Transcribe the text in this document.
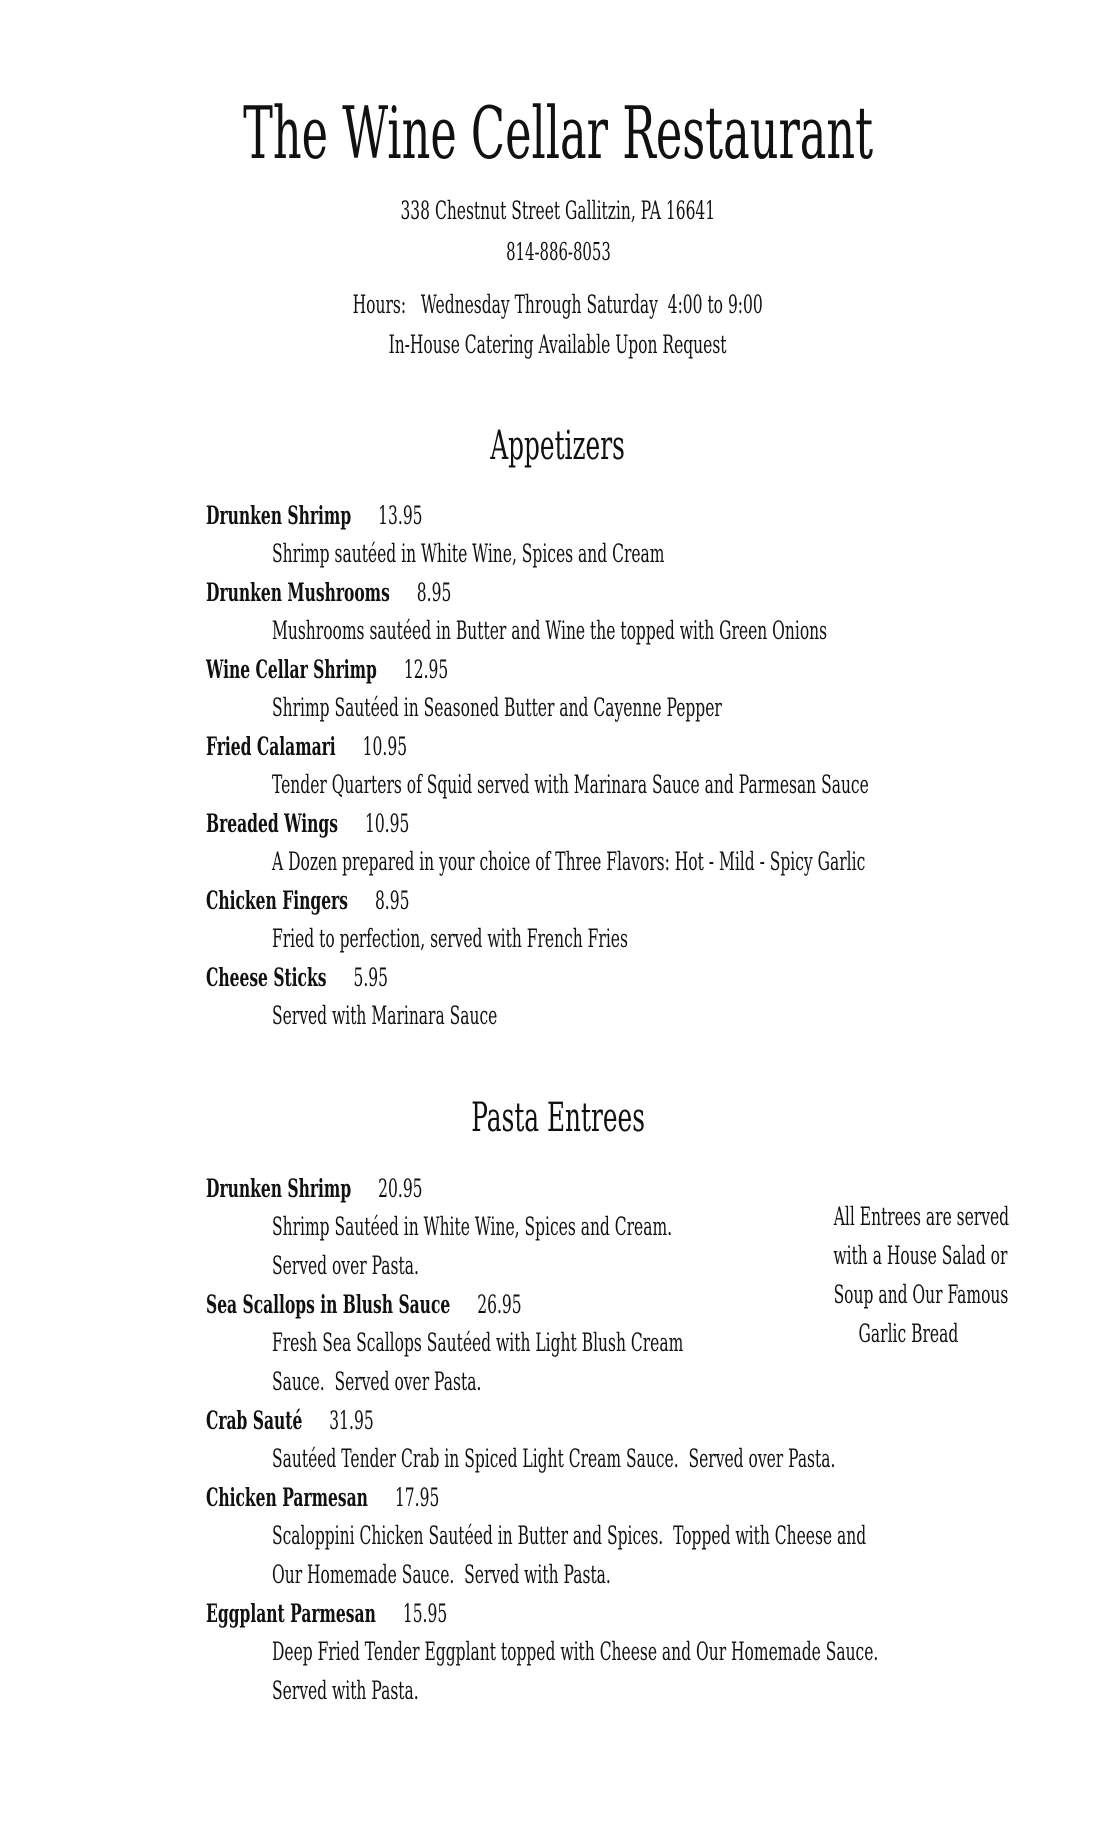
The Wine Cellar Restaurant
338 Chestnut Street Gallitzin, PA 16641
814-886-8053
Hours:   Wednesday Through Saturday  4:00 to 9:00
In-House Catering Available Upon Request
Appetizers
Drunken Shrimp 13.95
Shrimp sautéed in White Wine, Spices and Cream
Drunken Mushrooms 8.95
Mushrooms sautéed in Butter and Wine the topped with Green Onions
Wine Cellar Shrimp 12.95
Shrimp Sautéed in Seasoned Butter and Cayenne Pepper
Fried Calamari 10.95
Tender Quarters of Squid served with Marinara Sauce and Parmesan Sauce
Breaded Wings 10.95
A Dozen prepared in your choice of Three Flavors: Hot - Mild - Spicy Garlic
Chicken Fingers 8.95
Fried to perfection, served with French Fries
Cheese Sticks 5.95
Served with Marinara Sauce
Pasta Entrees
Drunken Shrimp 20.95
Shrimp Sautéed in White Wine, Spices and Cream.
Served over Pasta.
Sea Scallops in Blush Sauce 26.95
Fresh Sea Scallops Sautéed with Light Blush Cream
Sauce.  Served over Pasta.
Crab Sauté 31.95
Sautéed Tender Crab in Spiced Light Cream Sauce.  Served over Pasta.
Chicken Parmesan 17.95
Scaloppini Chicken Sautéed in Butter and Spices.  Topped with Cheese and
Our Homemade Sauce.  Served with Pasta.
Eggplant Parmesan 15.95
Deep Fried Tender Eggplant topped with Cheese and Our Homemade Sauce.
Served with Pasta.
All Entrees are served
with a House Salad or
Soup and Our Famous
Garlic Bread
